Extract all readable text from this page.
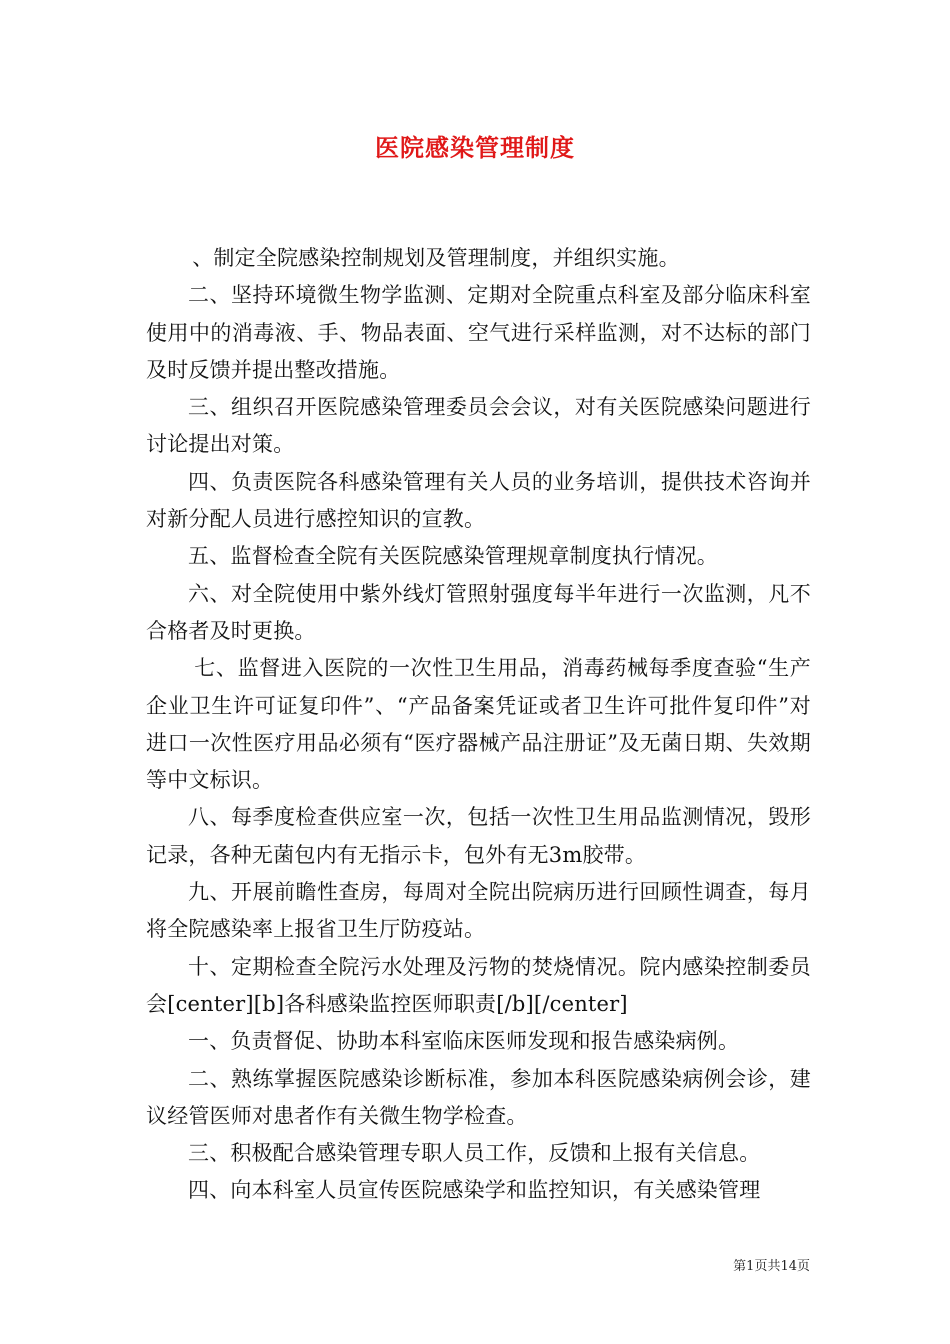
医院感染管理制度

、制定全院感染控制规划及管理制度，并组织实施。

二、坚持环境微生物学监测、定期对全院重点科室及部分临床科室使用中的消毒液、手、物品表面、空气进行采样监测，对不达标的部门及时反馈并提出整改措施。

三、组织召开医院感染管理委员会会议，对有关医院感染问题进行讨论提出对策。

四、负责医院各科感染管理有关人员的业务培训，提供技术咨询并对新分配人员进行感控知识的宣教。

五、监督检查全院有关医院感染管理规章制度执行情况。

六、对全院使用中紫外线灯管照射强度每半年进行一次监测，凡不合格者及时更换。

七、监督进入医院的一次性卫生用品，消毒药械每季度查验“生产企业卫生许可证复印件”、“产品备案凭证或者卫生许可批件复印件”对进口一次性医疗用品必须有“医疗器械产品注册证”及无菌日期、失效期等中文标识。

八、每季度检查供应室一次，包括一次性卫生用品监测情况，毁形记录，各种无菌包内有无指示卡，包外有无3m胶带。

九、开展前瞻性查房，每周对全院出院病历进行回顾性调查，每月将全院感染率上报省卫生厅防疫站。

十、定期检查全院污水处理及污物的焚烧情况。院内感染控制委员会[center][b]各科感染监控医师职责[/b][/center]

一、负责督促、协助本科室临床医师发现和报告感染病例。

二、熟练掌握医院感染诊断标准，参加本科医院感染病例会诊，建议经管医师对患者作有关微生物学检查。

三、积极配合感染管理专职人员工作，反馈和上报有关信息。

四、向本科室人员宣传医院感染学和监控知识，有关感染管理

第1页共14页
